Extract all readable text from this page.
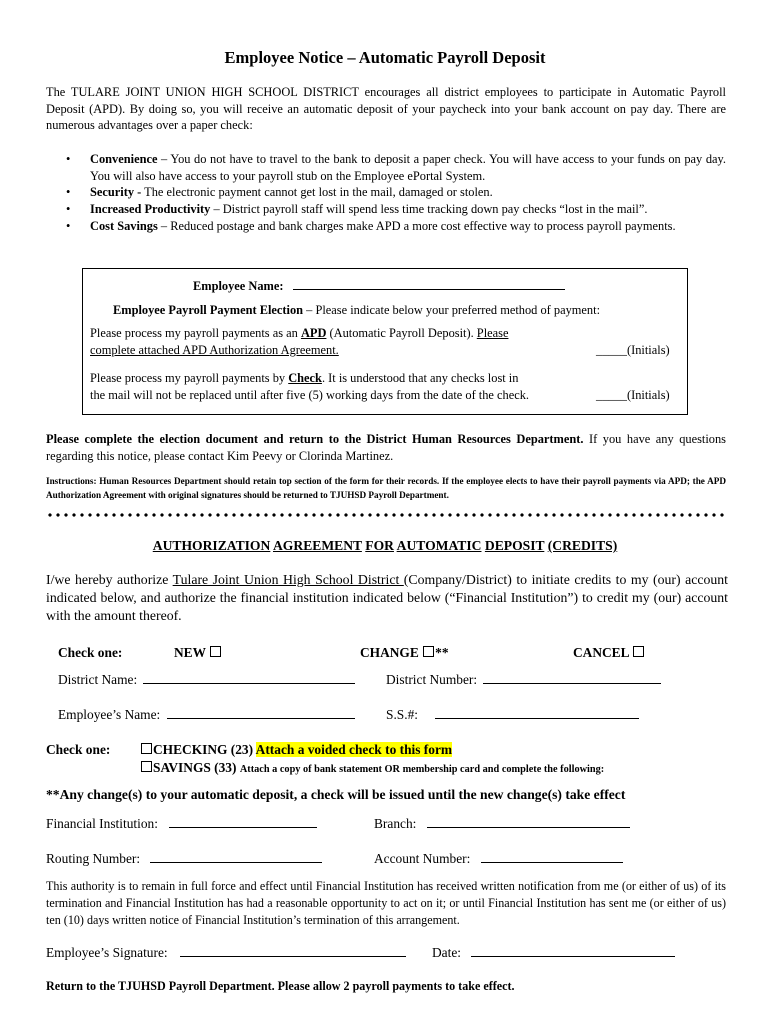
Employee Notice – Automatic Payroll Deposit
The TULARE JOINT UNION HIGH SCHOOL DISTRICT encourages all district employees to participate in Automatic Payroll Deposit (APD). By doing so, you will receive an automatic deposit of your paycheck into your bank account on pay day. There are numerous advantages over a paper check:
• Convenience – You do not have to travel to the bank to deposit a paper check. You will have access to your funds on pay day. You will also have access to your payroll stub on the Employee ePortal System.
• Security - The electronic payment cannot get lost in the mail, damaged or stolen.
• Increased Productivity – District payroll staff will spend less time tracking down pay checks “lost in the mail”.
• Cost Savings – Reduced postage and bank charges make APD a more cost effective way to process payroll payments.
Employee Name:
Employee Payroll Payment Election – Please indicate below your preferred method of payment:
Please process my payroll payments as an APD (Automatic Payroll Deposit). Please
complete attached APD Authorization Agreement.	_____(Initials)
Please process my payroll payments by Check. It is understood that any checks lost in
the mail will not be replaced until after five (5) working days from the date of the check.	_____(Initials)
Please complete the election document and return to the District Human Resources Department. If you have any questions regarding this notice, please contact Kim Peevy or Clorinda Martinez.
Instructions: Human Resources Department should retain top section of the form for their records. If the employee elects to have their payroll payments via APD; the APD Authorization Agreement with original signatures should be returned to TJUHSD Payroll Department.
AUTHORIZATION AGREEMENT FOR AUTOMATIC DEPOSIT (CREDITS)
I/we hereby authorize Tulare Joint Union High School District (Company/District) to initiate credits to my (our) account indicated below, and authorize the financial institution indicated below (“Financial Institution”) to credit my (our) account with the amount thereof.
Check one:	NEW	CHANGE **	CANCEL
District Name:	District Number:
Employee’s Name:	S.S.#:
Check one:	CHECKING (23) Attach a voided check to this form
SAVINGS (33) Attach a copy of bank statement OR membership card and complete the following:
**Any change(s) to your automatic deposit, a check will be issued until the new change(s) take effect
Financial Institution:	Branch:
Routing Number:	Account Number:
This authority is to remain in full force and effect until Financial Institution has received written notification from me (or either of us) of its termination and Financial Institution has had a reasonable opportunity to act on it; or until Financial Institution has sent me (or either of us) ten (10) days written notice of Financial Institution’s termination of this arrangement.
Employee’s Signature:	Date:
Return to the TJUHSD Payroll Department. Please allow 2 payroll payments to take effect.
